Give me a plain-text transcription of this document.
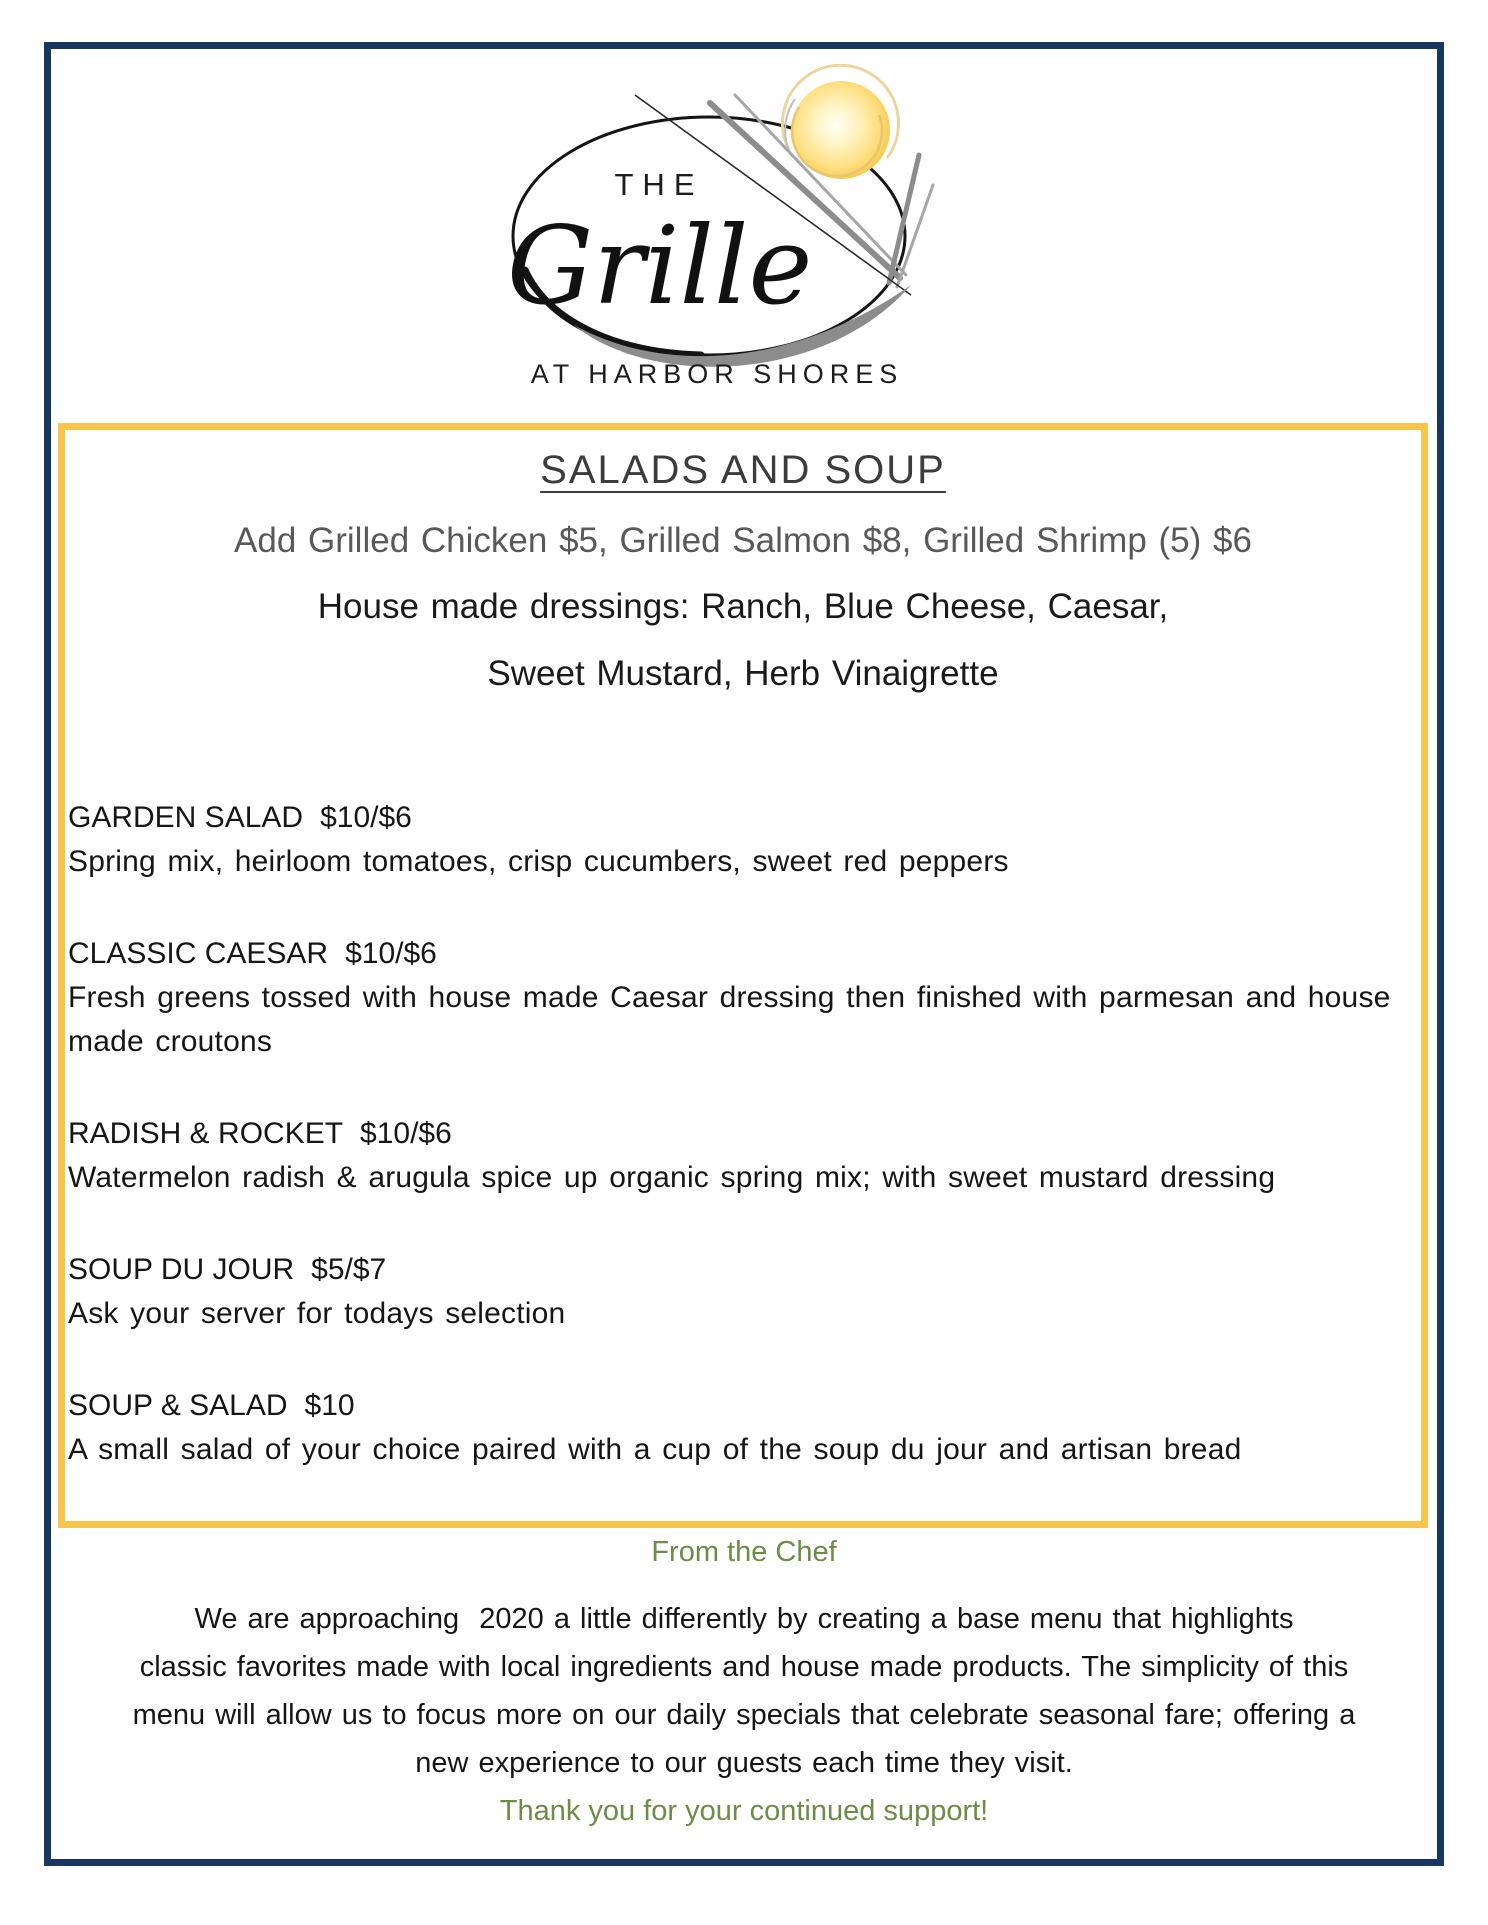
THE
Grille
AT HARBOR SHORES
SALADS AND SOUP
Add Grilled Chicken $5, Grilled Salmon $8, Grilled Shrimp (5) $6
House made dressings: Ranch, Blue Cheese, Caesar,
Sweet Mustard, Herb Vinaigrette
GARDEN SALAD $10/$6
Spring mix, heirloom tomatoes, crisp cucumbers, sweet red peppers
CLASSIC CAESAR $10/$6
Fresh greens tossed with house made Caesar dressing then finished with parmesan and house made croutons
RADISH & ROCKET $10/$6
Watermelon radish & arugula spice up organic spring mix; with sweet mustard dressing
SOUP DU JOUR $5/$7
Ask your server for todays selection
SOUP & SALAD $10
A small salad of your choice paired with a cup of the soup du jour and artisan bread
From the Chef
We are approaching  2020 a little differently by creating a base menu that highlights
classic favorites made with local ingredients and house made products. The simplicity of this
menu will allow us to focus more on our daily specials that celebrate seasonal fare; offering a
new experience to our guests each time they visit.
Thank you for your continued support!
